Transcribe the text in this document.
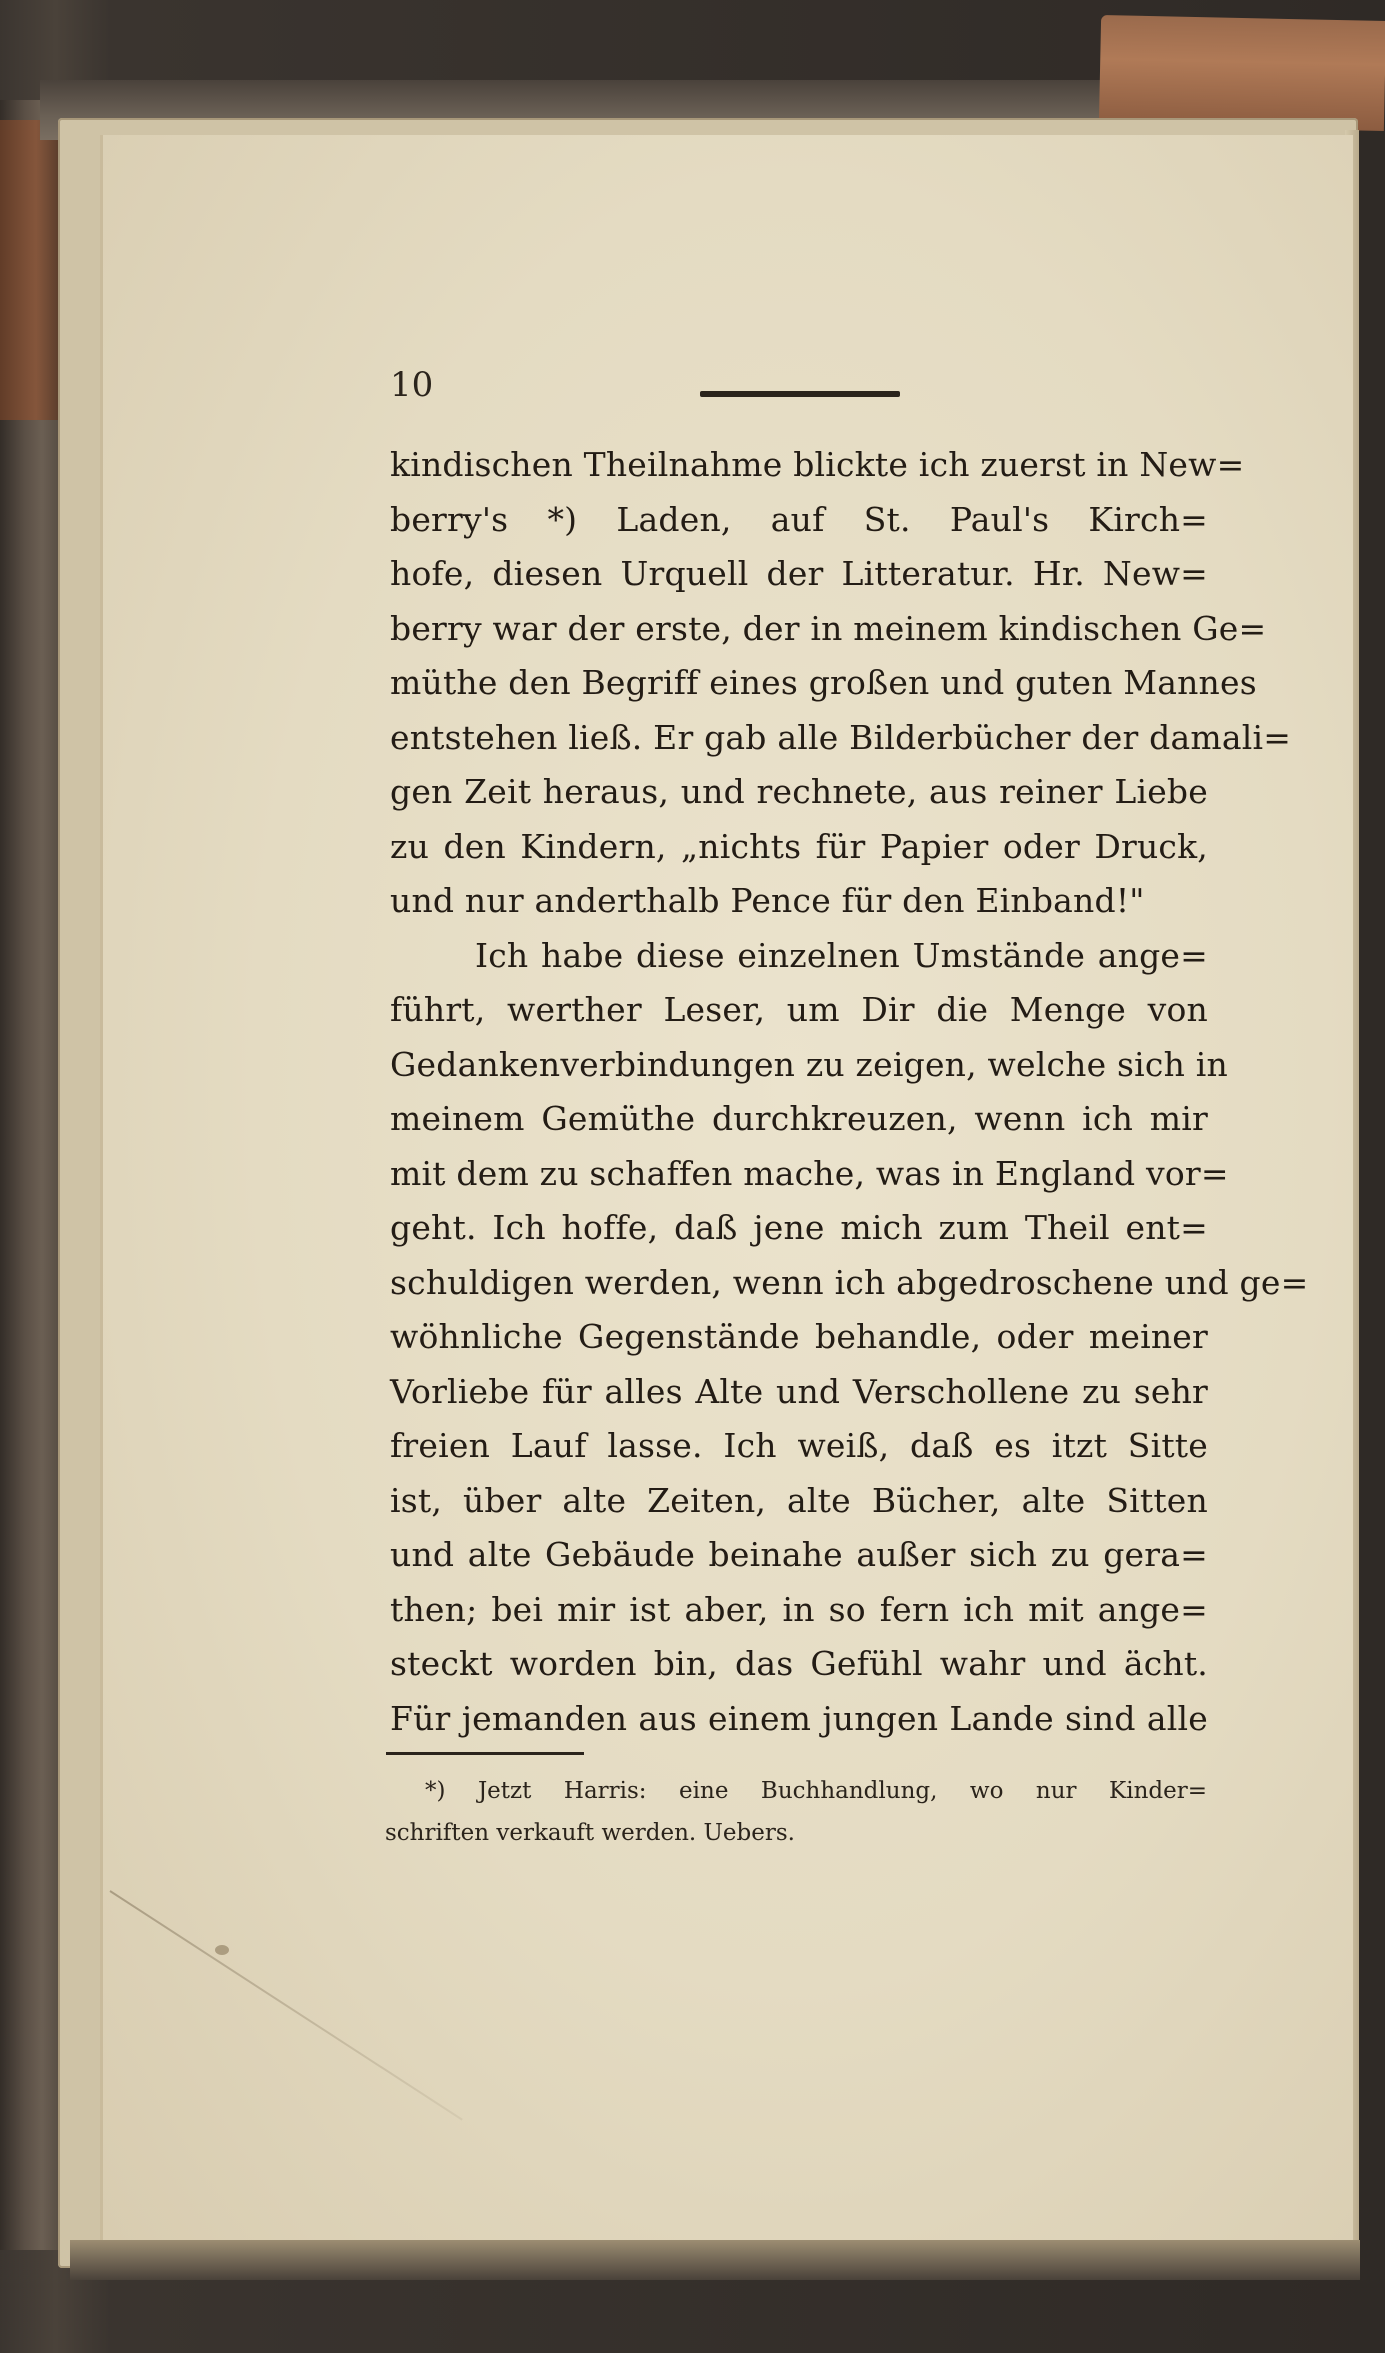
10
kindischen Theilnahme blickte ich zuerst in New=
berry's *) Laden, auf St. Paul's Kirch=
hofe, diesen Urquell der Litteratur. Hr. New=
berry war der erste, der in meinem kindischen Ge=
müthe den Begriff eines großen und guten Mannes
entstehen ließ. Er gab alle Bilderbücher der damali=
gen Zeit heraus, und rechnete, aus reiner Liebe
zu den Kindern, „nichts für Papier oder Druck,
und nur anderthalb Pence für den Einband!"
Ich habe diese einzelnen Umstände ange=
führt, werther Leser, um Dir die Menge von
Gedankenverbindungen zu zeigen, welche sich in
meinem Gemüthe durchkreuzen, wenn ich mir
mit dem zu schaffen mache, was in England vor=
geht. Ich hoffe, daß jene mich zum Theil ent=
schuldigen werden, wenn ich abgedroschene und ge=
wöhnliche Gegenstände behandle, oder meiner
Vorliebe für alles Alte und Verschollene zu sehr
freien Lauf lasse. Ich weiß, daß es itzt Sitte
ist, über alte Zeiten, alte Bücher, alte Sitten
und alte Gebäude beinahe außer sich zu gera=
then; bei mir ist aber, in so fern ich mit ange=
steckt worden bin, das Gefühl wahr und ächt.
Für jemanden aus einem jungen Lande sind alle
*) Jetzt Harris: eine Buchhandlung, wo nur Kinder=
schriften verkauft werden. Uebers.
